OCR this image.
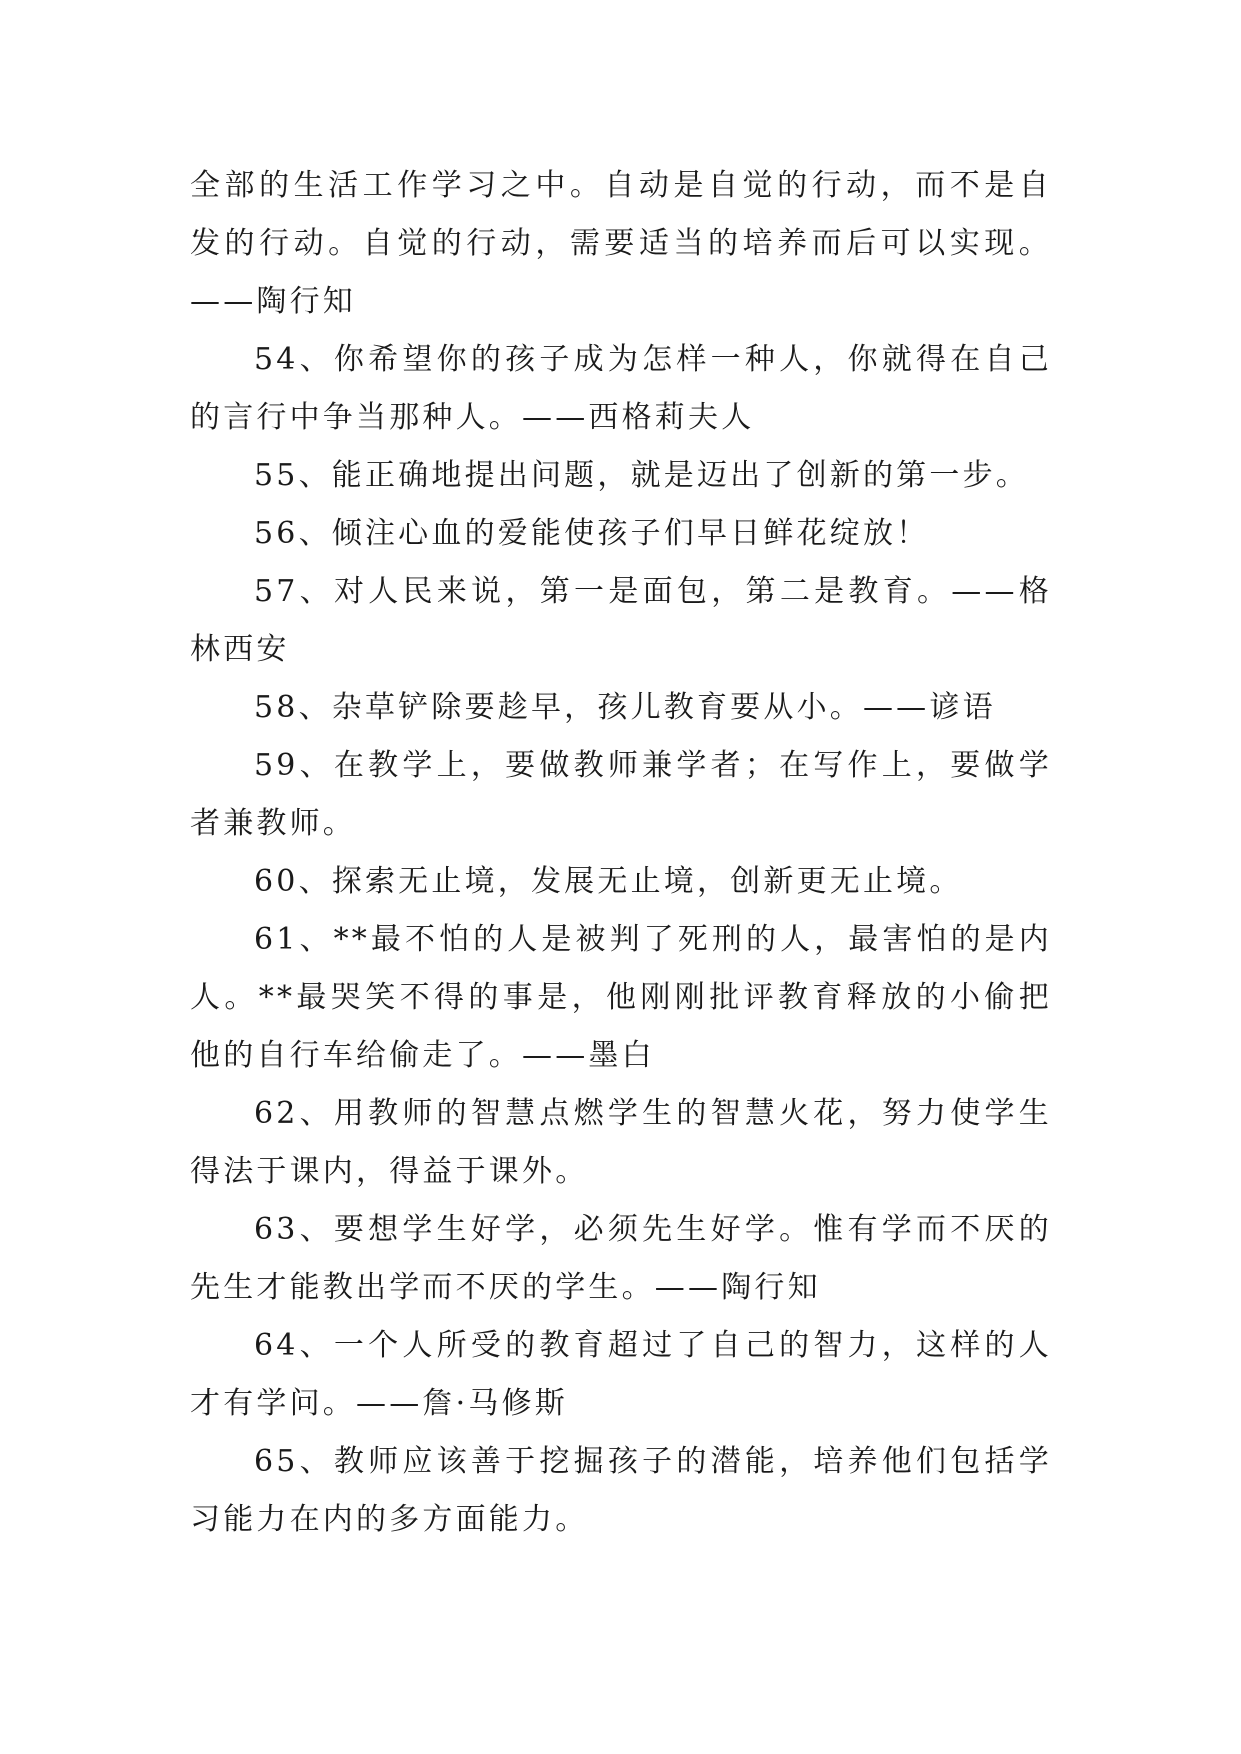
全部的生活工作学习之中。自动是自觉的行动，而不是自发的行动。自觉的行动，需要适当的培养而后可以实现。——陶行知

54、你希望你的孩子成为怎样一种人，你就得在自己的言行中争当那种人。——西格莉夫人

55、能正确地提出问题，就是迈出了创新的第一步。

56、倾注心血的爱能使孩子们早日鲜花绽放！

57、对人民来说，第一是面包，第二是教育。——格林西安

58、杂草铲除要趁早，孩儿教育要从小。——谚语

59、在教学上，要做教师兼学者；在写作上，要做学者兼教师。

60、探索无止境，发展无止境，创新更无止境。

61、**最不怕的人是被判了死刑的人，最害怕的是内人。**最哭笑不得的事是，他刚刚批评教育释放的小偷把他的自行车给偷走了。——墨白

62、用教师的智慧点燃学生的智慧火花，努力使学生得法于课内，得益于课外。

63、要想学生好学，必须先生好学。惟有学而不厌的先生才能教出学而不厌的学生。——陶行知

64、一个人所受的教育超过了自己的智力，这样的人才有学问。——詹·马修斯

65、教师应该善于挖掘孩子的潜能，培养他们包括学习能力在内的多方面能力。
